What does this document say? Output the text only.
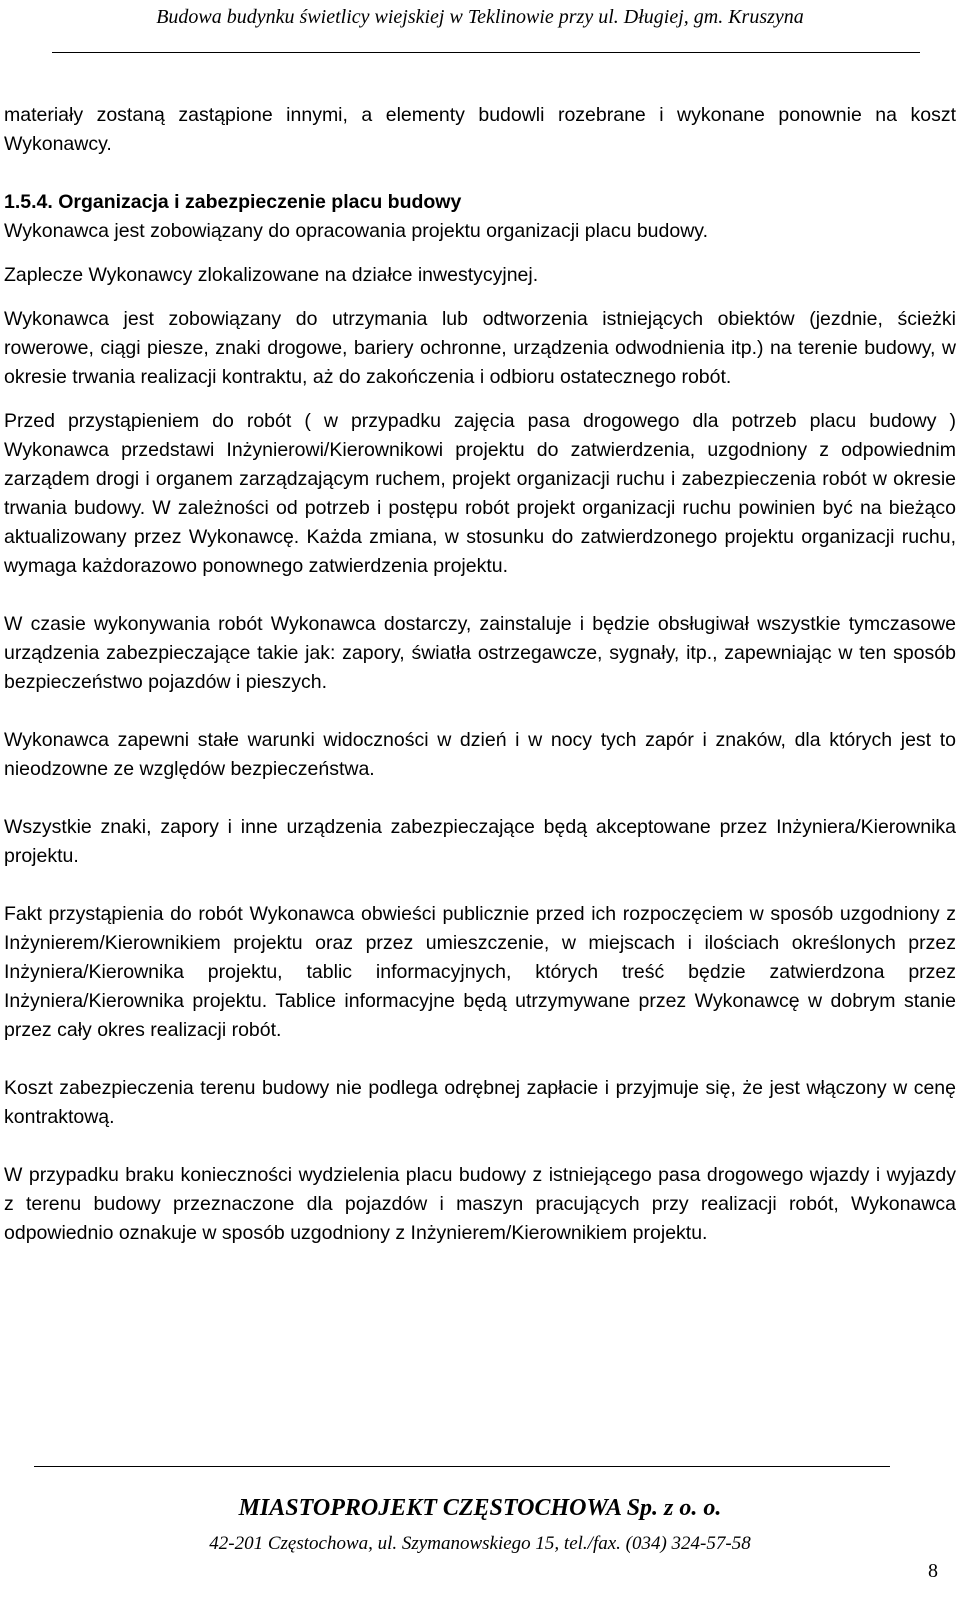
Budowa budynku świetlicy wiejskiej w Teklinowie przy ul. Długiej, gm. Kruszyna

materiały zostaną zastąpione innymi, a elementy budowli rozebrane i wykonane ponownie na koszt Wykonawcy.

1.5.4. Organizacja i zabezpieczenie placu budowy

Wykonawca jest zobowiązany do opracowania projektu organizacji placu budowy.

Zaplecze Wykonawcy zlokalizowane na działce inwestycyjnej.

Wykonawca jest zobowiązany do utrzymania lub odtworzenia istniejących obiektów (jezdnie, ścieżki rowerowe, ciągi piesze, znaki drogowe, bariery ochronne, urządzenia odwodnienia itp.) na terenie budowy, w okresie trwania realizacji kontraktu, aż do zakończenia i odbioru ostatecznego robót.

Przed przystąpieniem do robót ( w przypadku zajęcia pasa drogowego dla potrzeb placu budowy ) Wykonawca przedstawi Inżynierowi/Kierownikowi projektu do zatwierdzenia, uzgodniony z odpowiednim zarządem drogi i organem zarządzającym ruchem, projekt organizacji ruchu i zabezpieczenia robót w okresie trwania budowy. W zależności od potrzeb i postępu robót projekt organizacji ruchu powinien być na bieżąco aktualizowany przez Wykonawcę. Każda zmiana, w stosunku do zatwierdzonego projektu organizacji ruchu, wymaga każdorazowo ponownego zatwierdzenia projektu.

W czasie wykonywania robót Wykonawca dostarczy, zainstaluje i będzie obsługiwał wszystkie tymczasowe urządzenia zabezpieczające takie jak: zapory, światła ostrzegawcze, sygnały, itp., zapewniając w ten sposób bezpieczeństwo pojazdów i pieszych.

Wykonawca zapewni stałe warunki widoczności w dzień i w nocy tych zapór i znaków, dla których jest to nieodzowne ze względów bezpieczeństwa.

Wszystkie znaki, zapory i inne urządzenia zabezpieczające będą akceptowane przez Inżyniera/Kierownika projektu.

Fakt przystąpienia do robót Wykonawca obwieści publicznie przed ich rozpoczęciem w sposób uzgodniony z Inżynierem/Kierownikiem projektu oraz przez umieszczenie, w miejscach i ilościach określonych przez Inżyniera/Kierownika projektu, tablic informacyjnych, których treść będzie zatwierdzona przez Inżyniera/Kierownika projektu. Tablice informacyjne będą utrzymywane przez Wykonawcę w dobrym stanie przez cały okres realizacji robót.

Koszt zabezpieczenia terenu budowy nie podlega odrębnej zapłacie i przyjmuje się, że jest włączony w cenę kontraktową.

W przypadku braku konieczności wydzielenia placu budowy z istniejącego pasa drogowego wjazdy i wyjazdy z terenu budowy przeznaczone dla pojazdów i maszyn pracujących przy realizacji robót, Wykonawca odpowiednio oznakuje w sposób uzgodniony z Inżynierem/Kierownikiem projektu.

MIASTOPROJEKT CZĘSTOCHOWA Sp. z o. o.
42-201 Częstochowa, ul. Szymanowskiego 15, tel./fax. (034) 324-57-58
8
